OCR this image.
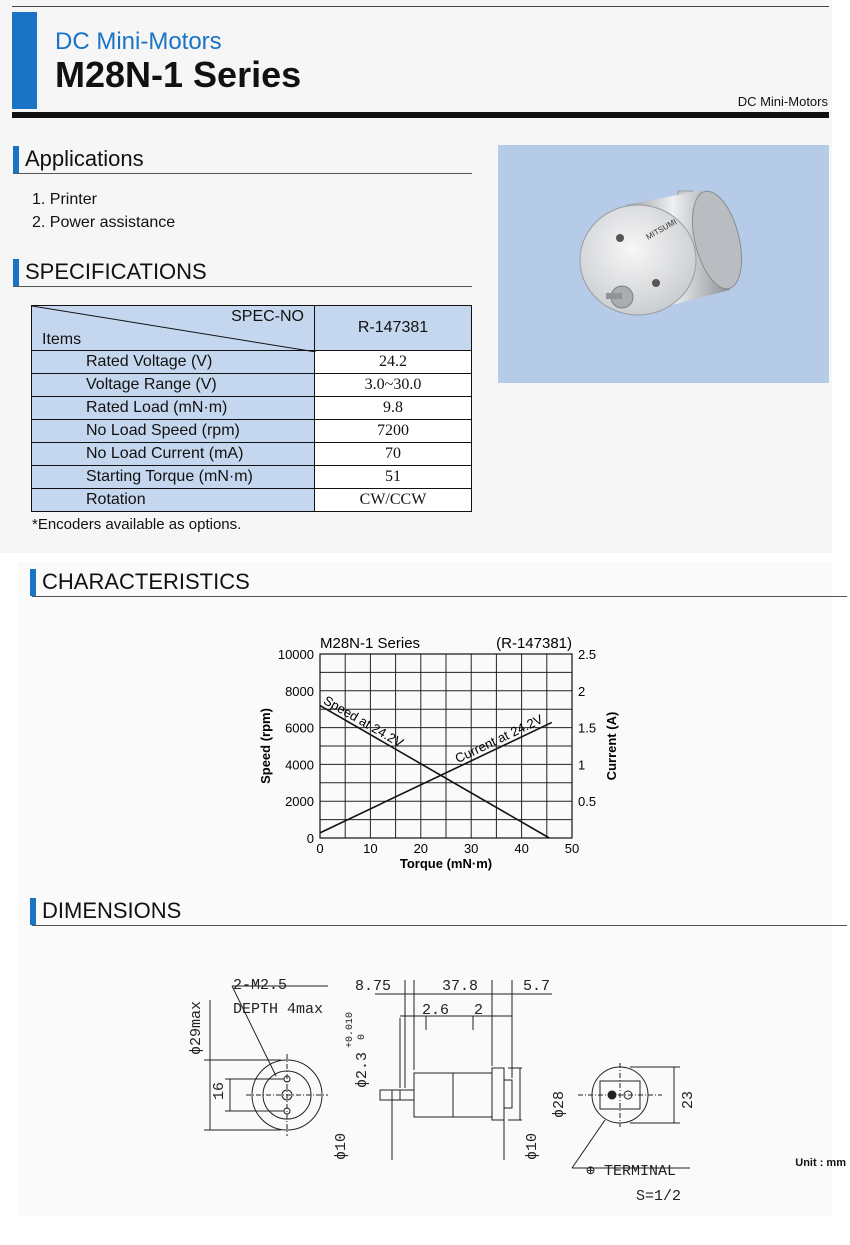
DC Mini-Motors
M28N-1 Series
DC Mini-Motors
Applications
1. Printer
2. Power assistance
SPECIFICATIONS
SPEC-NO
Items	R-147381
Rated Voltage (V)	24.2
Voltage Range (V)	3.0~30.0
Rated Load (mN·m)	9.8
No Load Speed (rpm)	7200
No Load Current (mA)	70
Starting Torque (mN·m)	51
Rotation	CW/CCW
*Encoders available as options.
MITSUMI
CHARACTERISTICS
0	10	20	30	40	50
0
2000
4000
6000
8000
10000
0.5
1
1.5
2
2.5
M28N-1 Series	(R-147381)
Torque (mN·m)
Speed (rpm)	Current (A)
Speed at 24.2V	Current at 24.2V
DIMENSIONS
2-M2.5
DEPTH 4max
ϕ29max
16
8.75	37.8	5.7
2.6 2
ϕ2.3
+0.010 0
ϕ10	ϕ10
ϕ28	23
⊕ TERMINAL
S=1/2
Unit : mm
